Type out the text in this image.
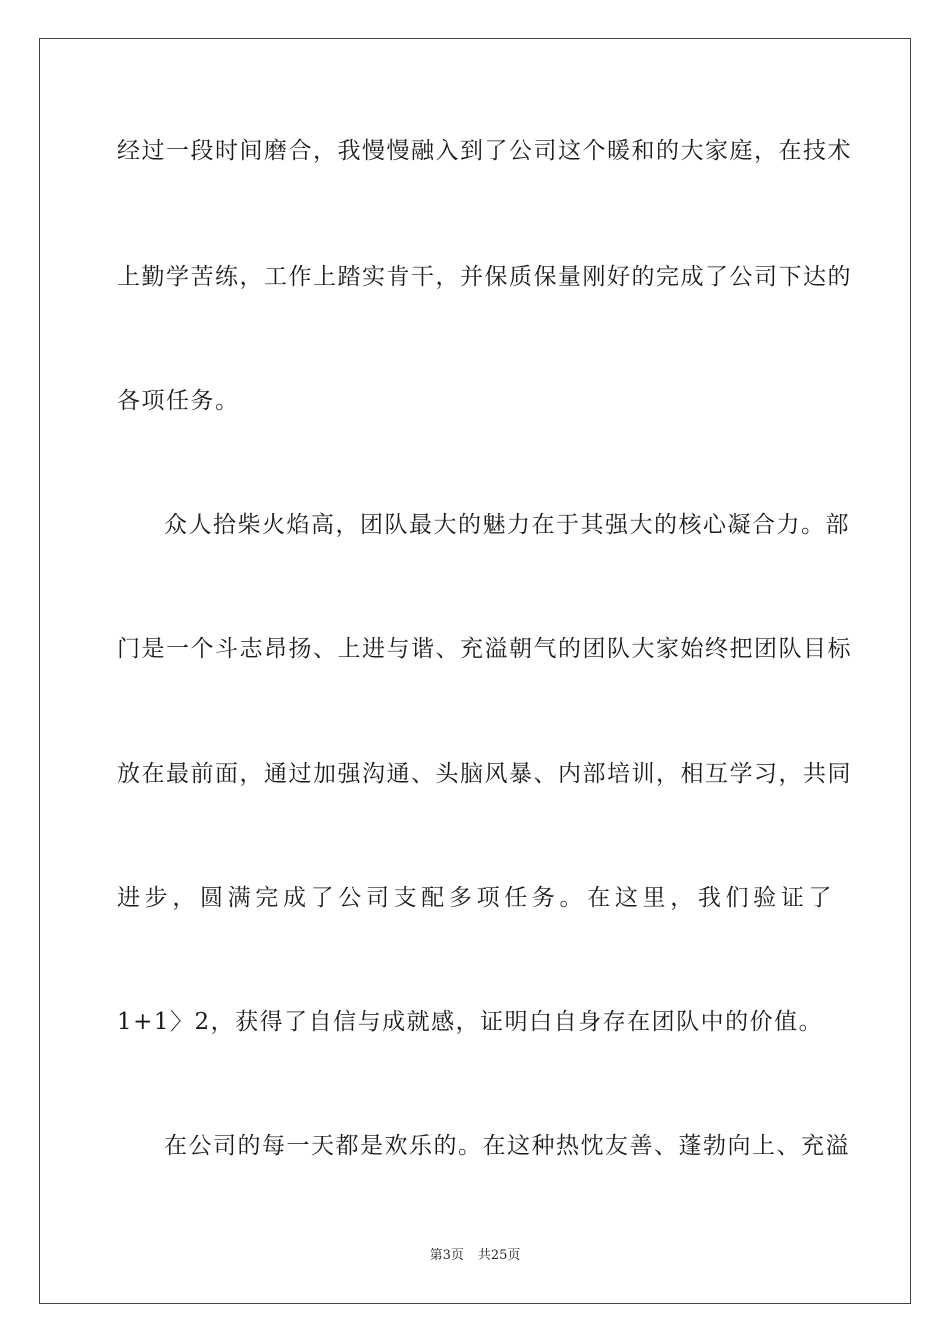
经过一段时间磨合，我慢慢融入到了公司这个暖和的大家庭，在技术
上勤学苦练，工作上踏实肯干，并保质保量刚好的完成了公司下达的
各项任务。
众人拾柴火焰高，团队最大的魅力在于其强大的核心凝合力。部
门是一个斗志昂扬、上进与谐、充溢朝气的团队大家始终把团队目标
放在最前面，通过加强沟通、头脑风暴、内部培训，相互学习，共同
进步，圆满完成了公司支配多项任务。在这里，我们验证了
1+1〉2，获得了自信与成就感，证明白自身存在团队中的价值。
在公司的每一天都是欢乐的。在这种热忱友善、蓬勃向上、充溢
第3页 共25页
